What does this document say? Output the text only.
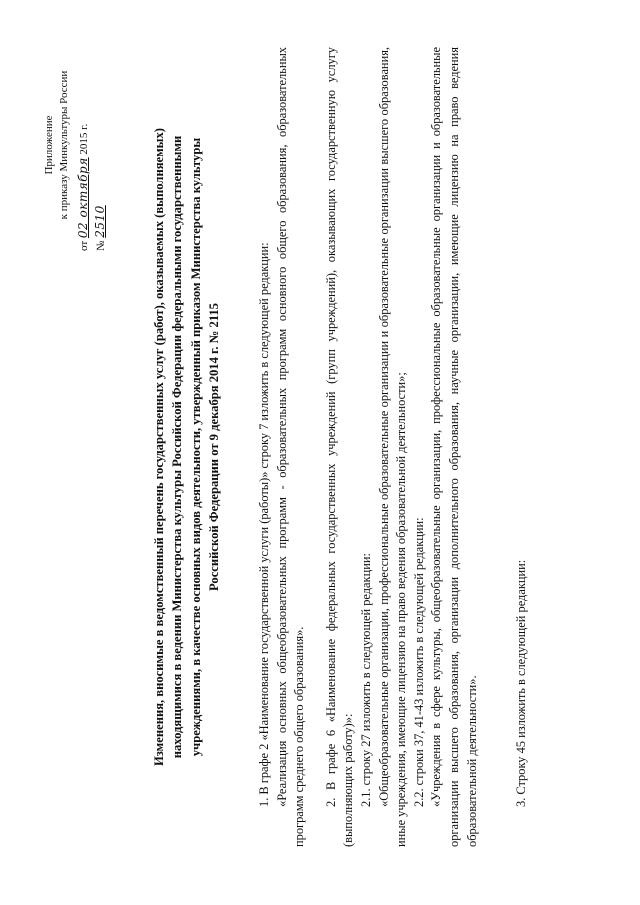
Приложение к приказу Минкультуры России
от 02 октября 2015 г.
№ 2510	Изменения, вносимые в ведомственный перечень государственных услуг (работ), оказываемых (выполняемых) находящимися в ведении Министерства культуры Российской Федерации федеральными государственными учреждениями, в качестве основных видов деятельности, утвержденный приказом Министерства культуры Российской Федерации от 9 декабря 2014 г. № 2115	1. В графе 2 «Наименование государственной услуги (работы)» строку 7 изложить в следующей редакции: «Реализация основных общеобразовательных программ - образовательных программ основного общего образования, образовательных программ среднего общего образования». 2. В графе 6 «Наименование федеральных государственных учреждений (групп учреждений), оказывающих государственную услугу (выполняющих работу)»: 2.1. строку 27 изложить в следующей редакции: «Общеобразовательные организации, профессиональные образовательные организации и образовательные организации высшего образования, иные учреждения, имеющие лицензию на право ведения образовательной деятельности»; 2.2. строки 37, 41-43 изложить в следующей редакции: «Учреждения в сфере культуры, общеобразовательные организации, профессиональные образовательные организации и образовательные организации высшего образования, организации дополнительного образования, научные организации, имеющие лицензию на право ведения образовательной деятельности».	3. Строку 45 изложить в следующей редакции:
